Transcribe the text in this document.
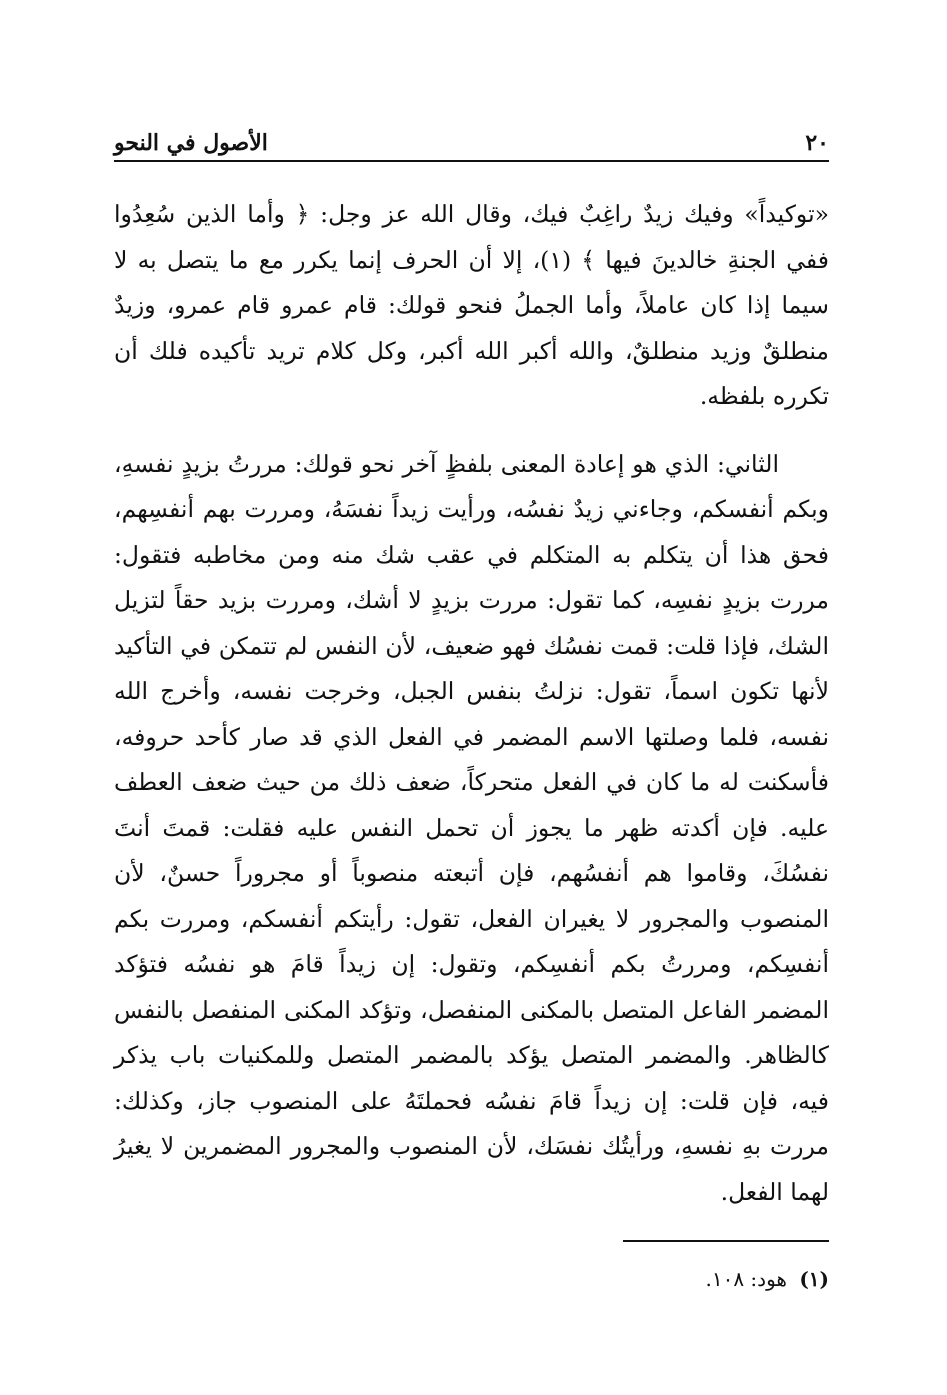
٢٠
الأصول في النحو

«توكيداً» وفيك زيدٌ راغِبٌ فيك، وقال الله عز وجل: ﴿ وأما الذين سُعِدُوا ففي الجنةِ خالدينَ فيها ﴾ (١)، إلا أن الحرف إنما يكرر مع ما يتصل به لا سيما إذا كان عاملاً، وأما الجملُ فنحو قولك: قام عمرو قام عمرو، وزيدٌ منطلقٌ وزيد منطلقٌ، والله أكبر الله أكبر، وكل كلام تريد تأكيده فلك أن تكرره بلفظه.

الثاني: الذي هو إعادة المعنى بلفظٍ آخر نحو قولك: مررتُ بزيدٍ نفسهِ، وبكم أنفسكم، وجاءني زيدٌ نفسُه، ورأيت زيداً نفسَهُ، ومررت بهم أنفسِهم، فحق هذا أن يتكلم به المتكلم في عقب شك منه ومن مخاطبه فتقول: مررت بزيدٍ نفسِه، كما تقول: مررت بزيدٍ لا أشك، ومررت بزيد حقاً لتزيل الشك، فإذا قلت: قمت نفسُك فهو ضعيف، لأن النفس لم تتمكن في التأكيد لأنها تكون اسماً، تقول: نزلتُ بنفس الجبل، وخرجت نفسه، وأخرج الله نفسه، فلما وصلتها الاسم المضمر في الفعل الذي قد صار كأحد حروفه، فأسكنت له ما كان في الفعل متحركاً، ضعف ذلك من حيث ضعف العطف عليه. فإن أكدته ظهر ما يجوز أن تحمل النفس عليه فقلت: قمتَ أنتَ نفسُكَ، وقاموا هم أنفسُهم، فإن أتبعته منصوباً أو مجروراً حسنٌ، لأن المنصوب والمجرور لا يغيران الفعل، تقول: رأيتكم أنفسكم، ومررت بكم أنفسِكم، ومررتُ بكم أنفسِكم، وتقول: إن زيداً قامَ هو نفسُه فتؤكد المضمر الفاعل المتصل بالمكنى المنفصل، وتؤكد المكنى المنفصل بالنفس كالظاهر. والمضمر المتصل يؤكد بالمضمر المتصل وللمكنيات باب يذكر فيه، فإن قلت: إن زيداً قامَ نفسُه فحملتَهُ على المنصوب جاز، وكذلك: مررت بهِ نفسهِ، ورأيتُك نفسَك، لأن المنصوب والمجرور المضمرين لا يغيرُ لهما الفعل.

(١) هود: ١٠٨.
